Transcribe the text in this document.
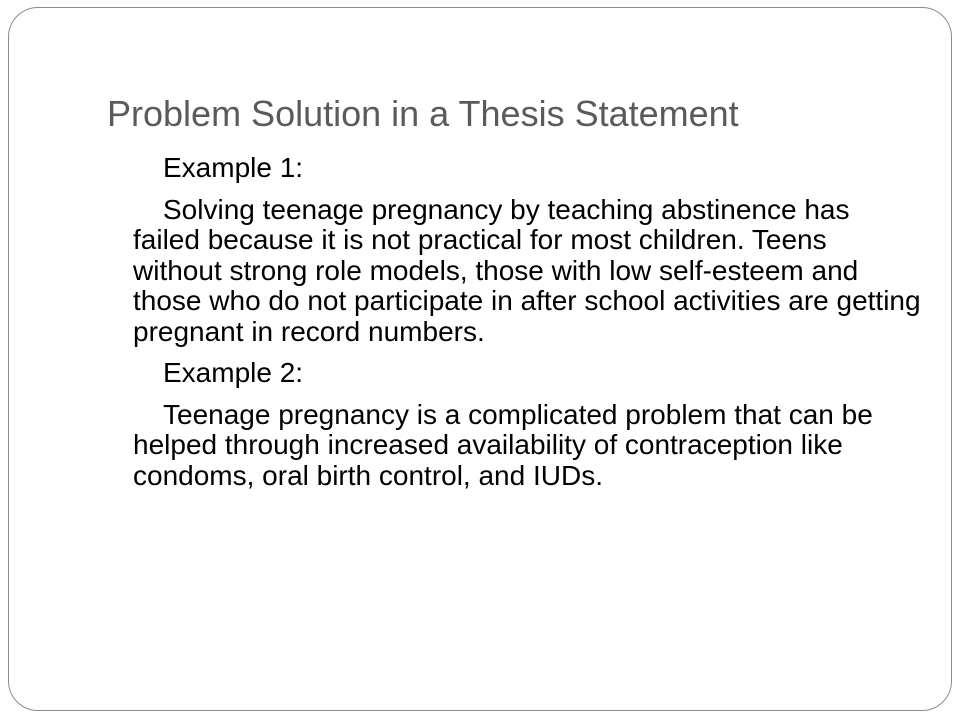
Problem Solution in a Thesis Statement

Example 1:

Solving teenage pregnancy by teaching abstinence has failed because it is not practical for most children. Teens without strong role models, those with low self-esteem and those who do not participate in after school activities are getting pregnant in record numbers.

Example 2:

Teenage pregnancy is a complicated problem that can be helped through increased availability of contraception like condoms, oral birth control, and IUDs.
